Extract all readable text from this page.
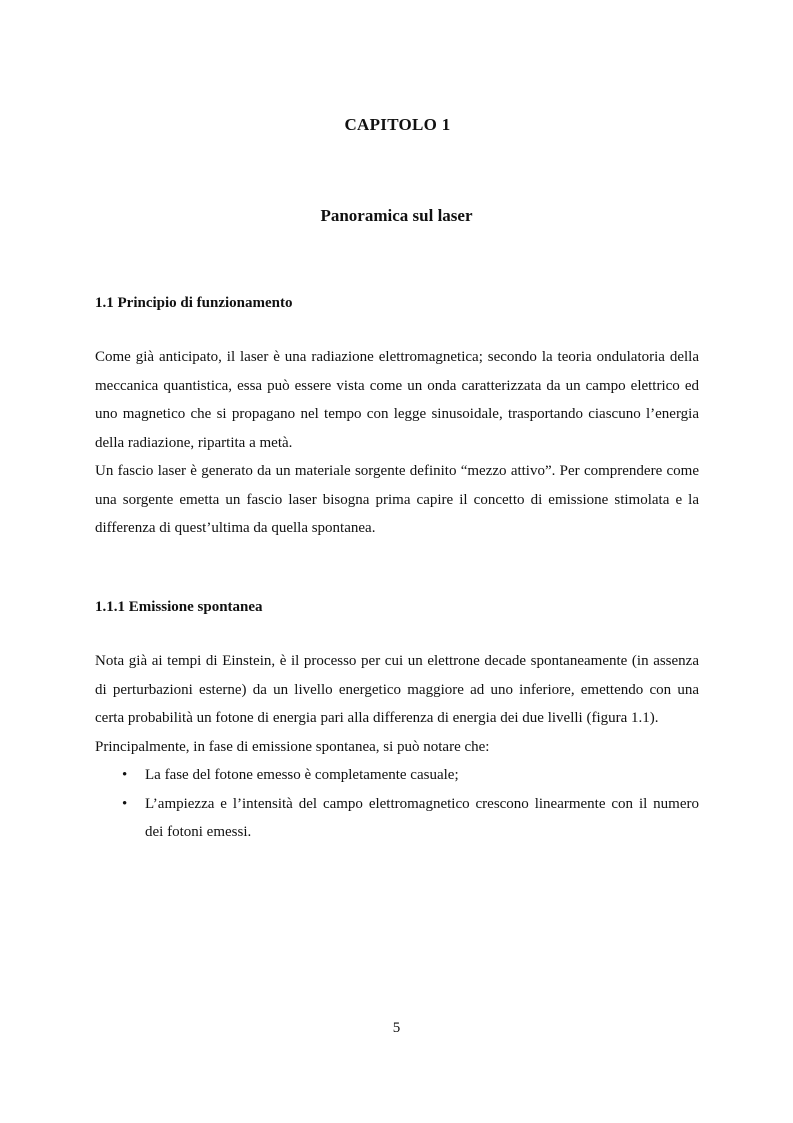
CAPITOLO 1
Panoramica sul laser
1.1 Principio di funzionamento

Come già anticipato, il laser è una radiazione elettromagnetica; secondo la teoria ondulatoria della meccanica quantistica, essa può essere vista come un onda caratterizzata da un campo elettrico ed uno magnetico che si propagano nel tempo con legge sinusoidale, trasportando ciascuno l’energia della radiazione, ripartita a metà.

Un fascio laser è generato da un materiale sorgente definito “mezzo attivo”. Per comprendere come una sorgente emetta un fascio laser bisogna prima capire il concetto di emissione stimolata e la differenza di quest’ultima da quella spontanea.

1.1.1 Emissione spontanea

Nota già ai tempi di Einstein, è il processo per cui un elettrone decade spontaneamente (in assenza di perturbazioni esterne) da un livello energetico maggiore ad uno inferiore, emettendo con una certa probabilità un fotone di energia pari alla differenza di energia dei due livelli (figura 1.1).

Principalmente, in fase di emissione spontanea, si può notare che:

• La fase del fotone emesso è completamente casuale;
• L’ampiezza e l’intensità del campo elettromagnetico crescono linearmente con il numero dei fotoni emessi.
5
